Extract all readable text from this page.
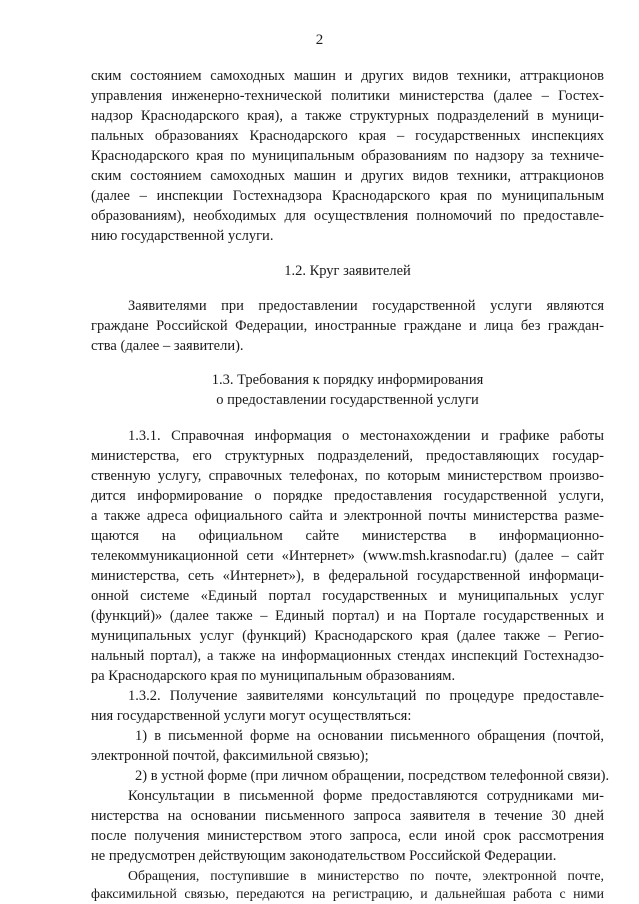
2
ским состоянием самоходных машин и других видов техники, аттракционов
управления инженерно-технической политики министерства (далее – Гостех-
надзор Краснодарского края), а также структурных подразделений в муници-
пальных образованиях Краснодарского края – государственных инспекциях
Краснодарского края по муниципальным образованиям по надзору за техниче-
ским состоянием самоходных машин и других видов техники, аттракционов
(далее – инспекции Гостехнадзора Краснодарского края по муниципальным
образованиям), необходимых для осуществления полномочий по предоставле-
нию государственной услуги.
1.2. Круг заявителей
Заявителями при предоставлении государственной услуги являются
граждане Российской Федерации, иностранные граждане и лица без граждан-
ства (далее – заявители).
1.3. Требования к порядку информирования
о предоставлении государственной услуги
1.3.1. Справочная информация о местонахождении и графике работы
министерства, его структурных подразделений, предоставляющих государ-
ственную услугу, справочных телефонах, по которым министерством произво-
дится информирование о порядке предоставления государственной услуги,
а также адреса официального сайта и электронной почты министерства разме-
щаются на официальном сайте министерства в информационно-
телекоммуникационной сети «Интернет» (www.msh.krasnodar.ru) (далее – сайт
министерства, сеть «Интернет»), в федеральной государственной информаци-
онной системе «Единый портал государственных и муниципальных услуг
(функций)» (далее также – Единый портал) и на Портале государственных и
муниципальных услуг (функций) Краснодарского края (далее также – Регио-
нальный портал), а также на информационных стендах инспекций Гостехнадзо-
ра Краснодарского края по муниципальным образованиям.
1.3.2. Получение заявителями консультаций по процедуре предоставле-
ния государственной услуги могут осуществляться:
1) в письменной форме на основании письменного обращения (почтой,
электронной почтой, факсимильной связью);
2) в устной форме (при личном обращении, посредством телефонной связи).
Консультации в письменной форме предоставляются сотрудниками ми-
нистерства на основании письменного запроса заявителя в течение 30 дней
после получения министерством этого запроса, если иной срок рассмотрения
не предусмотрен действующим законодательством Российской Федерации.
Обращения, поступившие в министерство по почте, электронной почте,
факсимильной связью, передаются на регистрацию, и дальнейшая работа с ними
